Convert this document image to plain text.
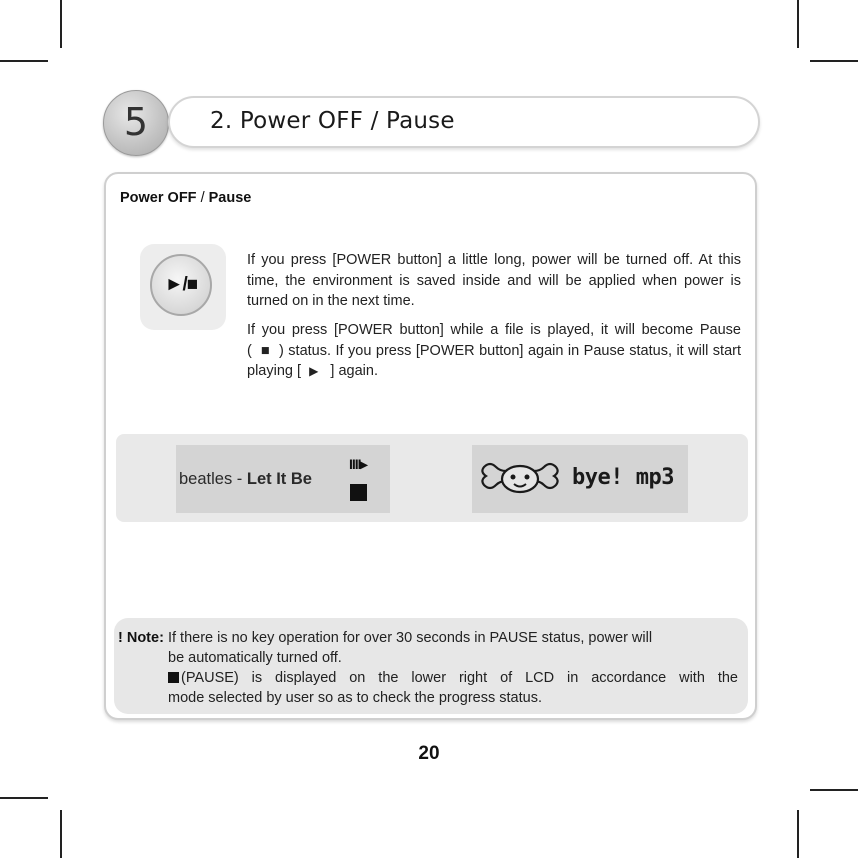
5	2. Power OFF / Pause
Power OFF / Pause
►/■
If you press [POWER button] a little long, power will be turned off. At this time, the environment is saved inside and will be applied when power is turned on in the next time.
If you press [POWER button] while a file is played, it will become Pause ( ■ ) status. If you press [POWER button] again in Pause status, it will start playing [ ▶ ] again.
beatles - Let It Be
IIII▸
bye! mp3
! Note: If there is no key operation for over 30 seconds in PAUSE status, power will
be automatically turned off.
(PAUSE) is displayed on the lower right of LCD in accordance with the
mode selected by user so as to check the progress status.
20
